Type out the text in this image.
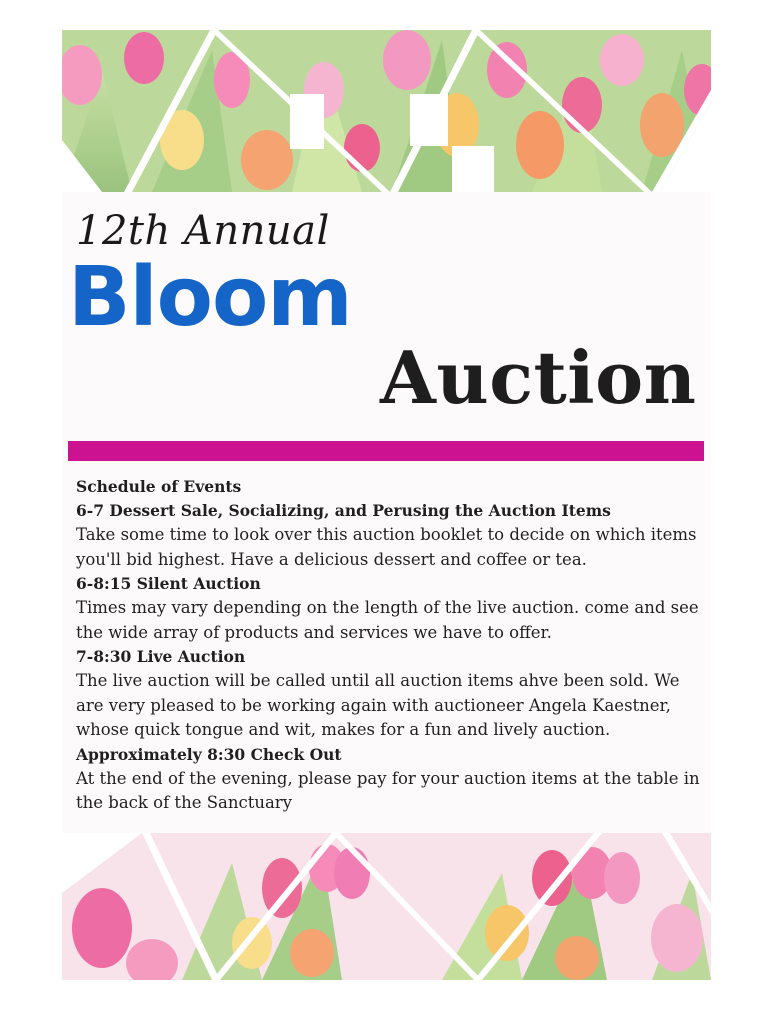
12th Annual
Bloom
Auction
Schedule of Events
6-7 Dessert Sale, Socializing, and Perusing the Auction Items
Take some time to look over this auction booklet to decide on which items you'll bid highest. Have a delicious dessert and coffee or tea.
6-8:15 Silent Auction
Times may vary depending on the length of the live auction. come and see the wide array of products and services we have to offer.
7-8:30 Live Auction
The live auction will be called until all auction items ahve been sold. We are very pleased to be working again with auctioneer Angela Kaestner, whose quick tongue and wit, makes for a fun and lively auction.
Approximately 8:30 Check Out
At the end of the evening, please pay for your auction items at the table in the back of the Sanctuary
